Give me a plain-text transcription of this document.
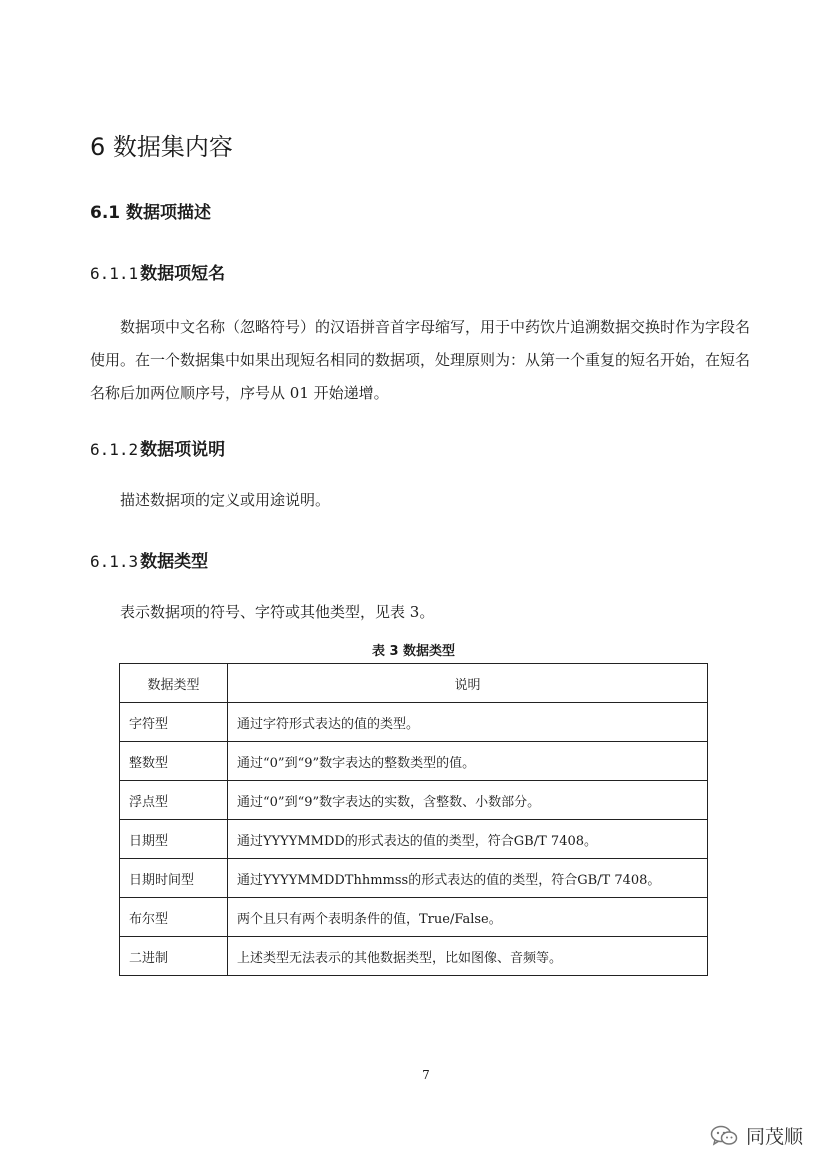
6 数据集内容
6.1 数据项描述
6.1.1 数据项短名

数据项中文名称（忽略符号）的汉语拼音首字母缩写，用于中药饮片追溯数据交换时作为字段名使用。在一个数据集中如果出现短名相同的数据项，处理原则为：从第一个重复的短名开始，在短名名称后加两位顺序号，序号从 01 开始递增。

6.1.2 数据项说明

描述数据项的定义或用途说明。

6.1.3 数据类型

表示数据项的符号、字符或其他类型，见表 3。

表 3 数据类型
数据类型	说明
字符型	通过字符形式表达的值的类型。
整数型	通过“0”到“9”数字表达的整数类型的值。
浮点型	通过“0”到“9”数字表达的实数，含整数、小数部分。
日期型	通过YYYYMMDD的形式表达的值的类型，符合GB/T 7408。
日期时间型	通过YYYYMMDDThhmmss的形式表达的值的类型，符合GB/T 7408。
布尔型	两个且只有两个表明条件的值，True/False。
二进制	上述类型无法表示的其他数据类型，比如图像、音频等。
7
同茂顺
